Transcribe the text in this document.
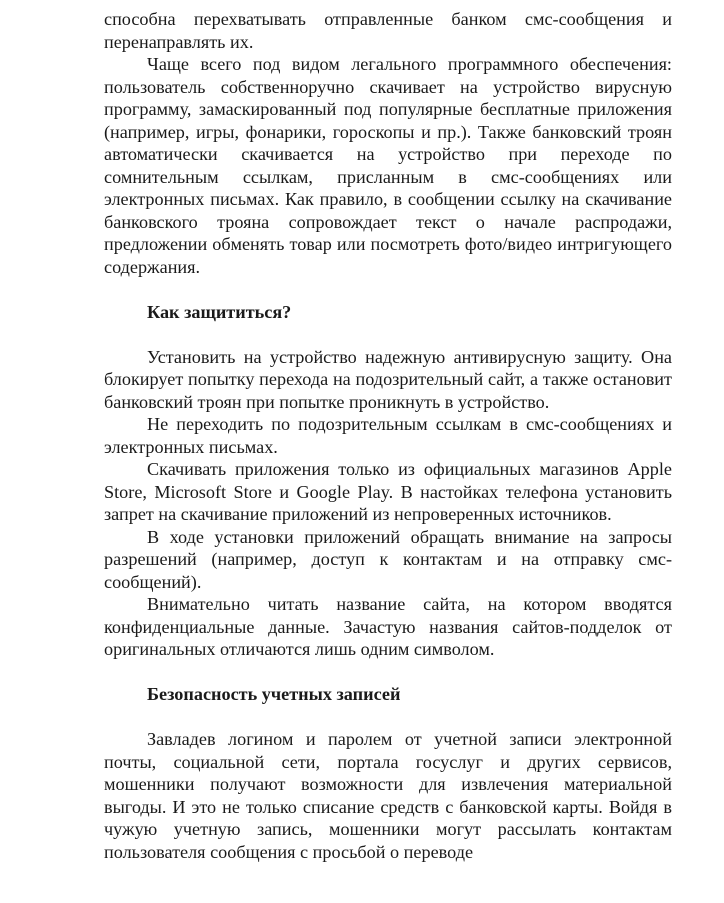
способна перехватывать отправленные банком смс-сообщения и перенаправлять их.

Чаще всего под видом легального программного обеспечения: пользователь собственноручно скачивает на устройство вирусную программу, замаскированный под популярные бесплатные приложения (например, игры, фонарики, гороскопы и пр.). Также банковский троян автоматически скачивается на устройство при переходе по сомнительным ссылкам, присланным в смс-сообщениях или электронных письмах. Как правило, в сообщении ссылку на скачивание банковского трояна сопровождает текст о начале распродажи, предложении обменять товар или посмотреть фото/видео интригующего содержания.

Как защититься?

Установить на устройство надежную антивирусную защиту. Она блокирует попытку перехода на подозрительный сайт, а также остановит банковский троян при попытке проникнуть в устройство.

Не переходить по подозрительным ссылкам в смс-сообщениях и электронных письмах.

Скачивать приложения только из официальных магазинов Apple Store, Microsoft Store и Google Play. В настойках телефона установить запрет на скачивание приложений из непроверенных источников.

В ходе установки приложений обращать внимание на запросы разрешений (например, доступ к контактам и на отправку смс-сообщений).

Внимательно читать название сайта, на котором вводятся конфиденциальные данные. Зачастую названия сайтов-подделок от оригинальных отличаются лишь одним символом.

Безопасность учетных записей

Завладев логином и паролем от учетной записи электронной почты, социальной сети, портала госуслуг и других сервисов, мошенники получают возможности для извлечения материальной выгоды. И это не только списание средств с банковской карты. Войдя в чужую учетную запись, мошенники могут рассылать контактам пользователя сообщения с просьбой о переводе
